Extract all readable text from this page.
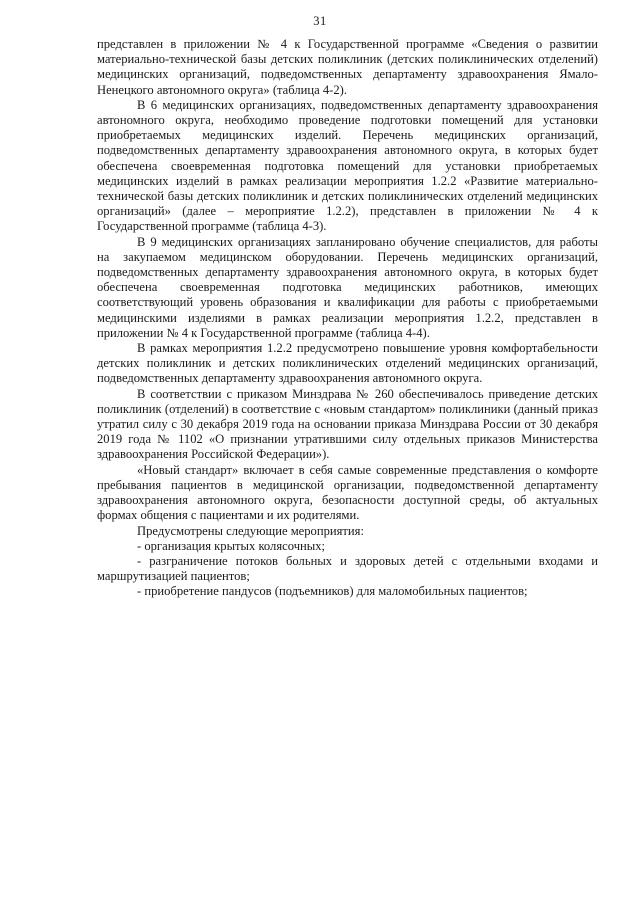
31

представлен в приложении № 4 к Государственной программе «Сведения о развитии материально-технической базы детских поликлиник (детских поликлинических отделений) медицинских организаций, подведомственных департаменту здравоохранения Ямало-Ненецкого автономного округа» (таблица 4-2).

В 6 медицинских организациях, подведомственных департаменту здравоохранения автономного округа, необходимо проведение подготовки помещений для установки приобретаемых медицинских изделий. Перечень медицинских организаций, подведомственных департаменту здравоохранения автономного округа, в которых будет обеспечена своевременная подготовка помещений для установки приобретаемых медицинских изделий в рамках реализации мероприятия 1.2.2 «Развитие материально-технической базы детских поликлиник и детских поликлинических отделений медицинских организаций» (далее – мероприятие 1.2.2), представлен в приложении № 4 к Государственной программе (таблица 4-3).

В 9 медицинских организациях запланировано обучение специалистов, для работы на закупаемом медицинском оборудовании. Перечень медицинских организаций, подведомственных департаменту здравоохранения автономного округа, в которых будет обеспечена своевременная подготовка медицинских работников, имеющих соответствующий уровень образования и квалификации для работы с приобретаемыми медицинскими изделиями в рамках реализации мероприятия 1.2.2, представлен в приложении № 4 к Государственной программе (таблица 4-4).

В рамках мероприятия 1.2.2 предусмотрено повышение уровня комфортабельности детских поликлиник и детских поликлинических отделений медицинских организаций, подведомственных департаменту здравоохранения автономного округа.

В соответствии с приказом Минздрава № 260 обеспечивалось приведение детских поликлиник (отделений) в соответствие с «новым стандартом» поликлиники (данный приказ утратил силу с 30 декабря 2019 года на основании приказа Минздрава России от 30 декабря 2019 года № 1102 «О признании утратившими силу отдельных приказов Министерства здравоохранения Российской Федерации»).

«Новый стандарт» включает в себя самые современные представления о комфорте пребывания пациентов в медицинской организации, подведомственной департаменту здравоохранения автономного округа, безопасности доступной среды, об актуальных формах общения с пациентами и их родителями.

Предусмотрены следующие мероприятия:

- организация крытых колясочных;

- разграничение потоков больных и здоровых детей с отдельными входами и маршрутизацией пациентов;

- приобретение пандусов (подъемников) для маломобильных пациентов;
